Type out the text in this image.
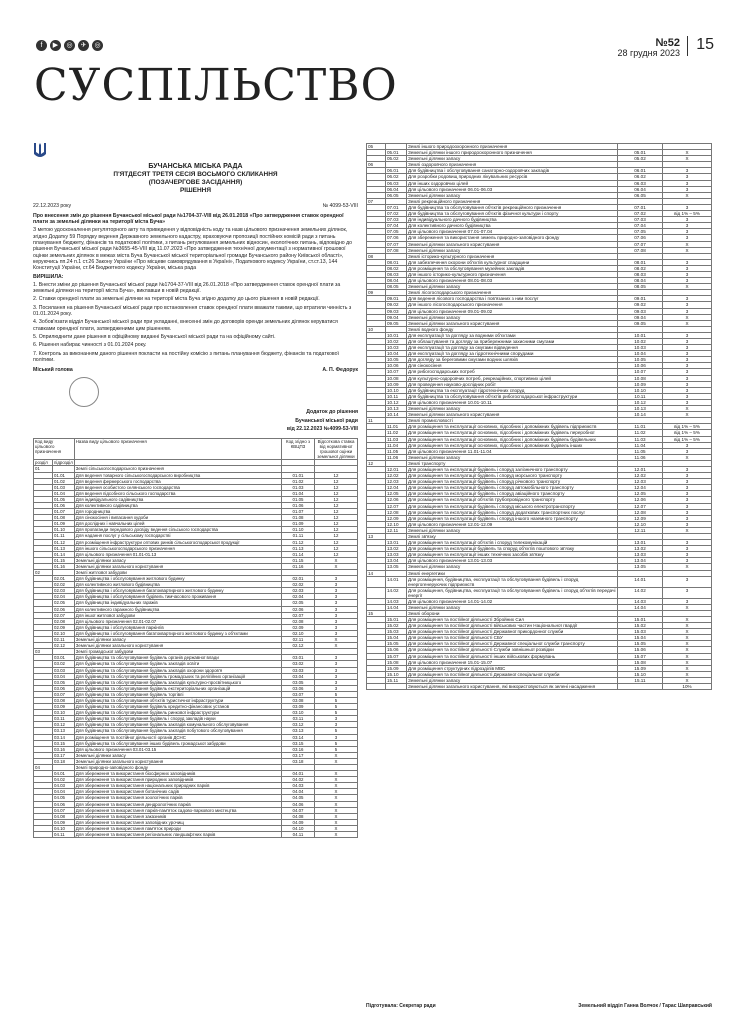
f	▶	◎	✈	◎	№52
28 грудня 2023	15
СУСПІЛЬСТВО
БУЧАНСЬКА МІСЬКА РАДА
П'ЯТДЕСЯТ ТРЕТЯ СЕСІЯ ВОСЬМОГО СКЛИКАННЯ
(ПОЗАЧЕРГОВЕ ЗАСІДАННЯ)
РІШЕННЯ
22.12.2023 року	№ 4099-53-VIII

Про внесення змін до рішення Бучанської міської ради №1704-37-VIII від 26.01.2018 «Про затвердження ставок орендної плати за земельні ділянки на території міста Буча»

З метою удосконалення регуляторного акту та приведення у відповідність коду та назв цільового призначення земельних ділянок, згідно Додатку 59 Порядку ведення Державного земельного кадастру, враховуючи пропозиції постійних комісій ради з питань планування бюджету, фінансів та податкової політики, з питань регулювання земельних відносин, екологічних питань, відповідно до рішення Бучанської міської ради №3655-45-VIII від 11.07.2023 «Про затвердження технічної документації з нормативної грошової оцінки земельних ділянок в межах міста Буча Бучанської міської територіальної громади Бучанського району Київської області», керуючись пп.24 п.1 ст.26 Закону України «Про місцеве самоврядування в Україні», Податкового кодексу України, ст.ст.13, 144 Конституції України, ст.64 Бюджетного кодексу України, міська рада

ВИРІШИЛА:

1. Внести зміни до рішення Бучанської міської ради №1704-37-VIII від 26.01.2018 «Про затвердження ставок орендної плати за земельні ділянки на території міста Буча», виклавши в новій редакції.

2. Ставки орендної плати за земельні ділянки на території міста Буча згідно додатку до цього рішення в новій редакції.

3. Посилання на рішення Бучанської міської ради про встановлення ставок орендної плати вважати такими, що втратили чинність з 01.01.2024 року.

4. Зобов'язати відділ Бучанської міської ради при укладанні, внесенні змін до договорів оренди земельних ділянок керуватися ставками орендної плати, затвердженими цим рішенням.

5. Оприлюднити дане рішення в офіційному виданні Бучанської міської ради та на офіційному сайті.

6. Рішення набирає чинності з 01.01.2024 року.

7. Контроль за виконанням даного рішення покласти на постійну комісію з питань планування бюджету, фінансів та податкової політики.

Міський голова	А. П. Федорук
Додаток до рішення
Бучанської міської ради
від 22.12.2023 №4099-53-VIII
Код виду цільового призначення		Назва виду цільового призначення	Код згідно з КВЦПЗ	Відсоткова ставка від нормативної грошової оцінки земельної ділянки
розділ	підрозділ			
01		Землі сільськогосподарського призначення		
	01.01	Для ведення товарного сільськогосподарського виробництва	01.01	12
	01.02	Для ведення фермерського господарства	01.02	12
	01.03	Для ведення особистого селянського господарства	01.03	12
	01.04	Для ведення підсобного сільського господарства	01.04	12
	01.05	Для індивідуального садівництва	01.05	12
	01.06	Для колективного садівництва	01.06	12
	01.07	Для городництва	01.07	12
	01.08	Для сінокосіння і випасання худоби	01.08	12
	01.09	Для дослідних і навчальних цілей	01.09	12
	01.10	Для пропаганди передового досвіду ведення сільського господарства	01.10	12
	01.11	Для надання послуг у сільському господарстві	01.11	12
	01.12	Для розміщення інфраструктури оптових ринків сільськогосподарської продукції	01.12	12
	01.13	Для іншого сільськогосподарського призначення	01.13	12
	01.14	Для цільового призначення 01.01-01.13	01.14	12
	01.15	Земельні ділянки запасу	01.15	Х
	01.16	Земельні ділянки загального користування	01.16	Х
02		Землі житлової забудови		
	02.01	Для будівництва і обслуговування житлового будинку	02.01	3
	02.02	Для колективного житлового будівництва	02.02	3
	02.03	Для будівництва і обслуговування багатоквартирного житлового будинку	02.03	3
	02.04	Для будівництва і обслуговування будівель тимчасового проживання	02.04	3
	02.05	Для будівництва індивідуальних гаражів	02.05	3
	02.06	Для колективного гаражного будівництва	02.06	3
	02.07	Для іншої житлової забудови	02.07	3
	02.08	Для цільового призначення 02.01-02.07	02.08	3
	02.09	Для будівництва і обслуговування паркінгів	02.09	3
	02.10	Для будівництва і обслуговування багатоквартирного житлового будинку з об'єктами	02.10	3
	02.11	Земельні ділянки запасу	02.11	Х
	02.12	Земельні ділянки загального користування	02.12	Х
03		Землі громадської забудови		
	03.01	Для будівництва та обслуговування будівель органів державної влади	03.01	3
	03.02	Для будівництва та обслуговування будівель закладів освіти	03.02	3
	03.03	Для будівництва та обслуговування будівель закладів охорони здоров'я	03.03	3
	03.04	Для будівництва та обслуговування будівель громадських та релігійних організацій	03.04	3
	03.05	Для будівництва та обслуговування будівель закладів культурно-просвітницького	03.05	3
	03.06	Для будівництва та обслуговування будівель екстериторіальних організацій	03.06	3
	03.07	Для будівництва та обслуговування будівель торгівлі	03.07	5
	03.08	Для будівництва та обслуговування об'єктів туристичної інфраструктури	03.08	5
	03.09	Для будівництва та обслуговування будівель кредитно-фінансових установ	03.09	5
	03.10	Для будівництва та обслуговування будівель ринкової інфраструктури	03.10	5
	03.11	Для будівництва та обслуговування будівель і споруд закладів науки	03.11	3
	03.12	Для будівництва та обслуговування будівель закладів комунального обслуговування	03.12	3
	03.13	Для будівництва та обслуговування будівель закладів побутового обслуговування	03.13	5
	03.14	Для розміщення та постійної діяльності органів ДСНС	03.14	3
	03.15	Для будівництва та обслуговування інших будівель громадської забудови	03.15	5
	03.16	Для цільового призначення 03.01-03.15	03.16	5
	03.17	Земельні ділянки запасу	03.17	Х
	03.18	Земельні ділянки загального користування	03.18	Х
04		Землі природно-заповідного фонду		
	04.01	Для збереження та використання біосферних заповідників	04.01	Х
	04.02	Для збереження та використання природних заповідників	04.02	Х
	04.03	Для збереження та використання національних природних парків	04.03	Х
	04.04	Для збереження та використання ботанічних садів	04.04	Х
	04.05	Для збереження та використання зоологічних парків	04.05	Х
	04.06	Для збереження та використання дендрологічних парків	04.06	Х
	04.07	Для збереження та використання парків-пам'яток садово-паркового мистецтва	04.07	Х
	04.08	Для збереження та використання заказників	04.08	Х
	04.09	Для збереження та використання заповідних урочищ	04.09	Х
	04.10	Для збереження та використання пам'яток природи	04.10	Х
	04.11	Для збереження та використання регіональних ландшафтних парків	04.11	Х
05		Землі іншого природоохоронного призначення		
	05.01	Земельні ділянки іншого природоохоронного призначення	05.01	Х
	05.02	Земельні ділянки запасу	05.02	Х
06		Землі оздоровчого призначення		
	06.01	Для будівництва і обслуговування санаторно-оздоровчих закладів	06.01	3
	06.02	Для розробки родовищ природних лікувальних ресурсів	06.02	3
	06.03	Для інших оздоровчих цілей	06.03	3
	06.04	Для цільового призначення 06.01-06.03	06.04	3
	06.05	Земельні ділянки запасу	06.05	Х
07		Землі рекреаційного призначення		
	07.01	Для будівництва та обслуговування об'єктів рекреаційного призначення	07.01	3
	07.02	Для будівництва та обслуговування об'єктів фізичної культури і спорту	07.02	від 1% – 5%
	07.03	Для індивідуального дачного будівництва	07.03	3
	07.04	Для колективного дачного будівництва	07.04	3
	07.05	Для цільового призначення 07.01-07.04	07.05	3
	07.06	Для збереження та використання земель природно-заповідного фонду	07.06	3
	07.07	Земельні ділянки загального користування	07.07	Х
	07.08	Земельні ділянки запасу	07.08	Х
08		Землі історико-культурного призначення		
	08.01	Для забезпечення охорони об'єктів культурної спадщини	08.01	3
	08.02	Для розміщення та обслуговування музейних закладів	08.02	3
	08.03	Для іншого історико-культурного призначення	08.03	3
	08.04	Для цільового призначення 08.01-08.03	08.04	3
	08.05	Земельні ділянки запасу	08.05	Х
09		Землі лісогосподарського призначення		
	09.01	Для ведення лісового господарства і пов'язаних з ним послуг	09.01	3
	09.02	Для іншого лісогосподарського призначення	09.02	3
	09.03	Для цільового призначення 09.01-09.02	09.03	3
	09.04	Земельні ділянки запасу	09.04	Х
	09.05	Земельні ділянки загального користування	09.05	Х
10		Землі водного фонду		
	10.01	Для експлуатації та догляду за водними об'єктами	10.01	3
	10.02	Для облаштування та догляду за прибережними захисними смугами	10.02	3
	10.03	Для експлуатації та догляду за смугами відведення	10.03	3
	10.04	Для експлуатації та догляду за гідротехнічними спорудами	10.04	3
	10.05	Для догляду за береговими смугами водних шляхів	10.05	3
	10.06	Для сінокосіння	10.06	3
	10.07	Для рибогосподарських потреб	10.07	3
	10.08	Для культурно-оздоровчих потреб, рекреаційних, спортивних цілей	10.08	3
	10.09	Для проведення науково-дослідних робіт	10.09	3
	10.10	Для будівництва та експлуатації гідротехнічних споруд	10.10	3
	10.11	Для будівництва та обслуговування об'єктів рибогосподарської інфраструктури	10.11	3
	10.12	Для цільового призначення 10.01-10.11	10.12	3
	10.13	Земельні ділянки запасу	10.13	Х
	10.14	Земельні ділянки загального користування	10.14	Х
11		Землі промисловості		
	11.01	Для розміщення та експлуатації основних, підсобних і допоміжних будівель підприємств	11.01	від 1% – 5%
	11.02	Для розміщення та експлуатації основних, підсобних і допоміжних будівель переробної	11.02	від 1% – 5%
	11.03	Для розміщення та експлуатації основних, підсобних і допоміжних будівель будівельних	11.03	від 1% – 5%
	11.04	Для розміщення та експлуатації основних, підсобних і допоміжних будівель інших	11.04	3
	11.05	Для цільового призначення 11.01-11.04	11.05	3
	11.06	Земельні ділянки запасу	11.06	Х
12		Землі транспорту		
	12.01	Для розміщення та експлуатації будівель і споруд залізничного транспорту	12.01	3
	12.02	Для розміщення та експлуатації будівель і споруд морського транспорту	12.02	3
	12.03	Для розміщення та експлуатації будівель і споруд річкового транспорту	12.03	3
	12.04	Для розміщення та експлуатації будівель і споруд автомобільного транспорту	12.04	3
	12.05	Для розміщення та експлуатації будівель і споруд авіаційного транспорту	12.05	3
	12.06	Для розміщення та експлуатації об'єктів трубопровідного транспорту	12.06	3
	12.07	Для розміщення та експлуатації будівель і споруд міського електротранспорту	12.07	3
	12.08	Для розміщення та експлуатації будівель і споруд додаткових транспортних послуг	12.08	3
	12.09	Для розміщення та експлуатації будівель і споруд іншого наземного транспорту	12.09	3
	12.10	Для цільового призначення 12.01-12.09	12.10	3
	12.11	Земельні ділянки запасу	12.11	Х
13		Землі зв'язку		
	13.01	Для розміщення та експлуатації об'єктів і споруд телекомунікацій	13.01	3
	13.02	Для розміщення та експлуатації будівель та споруд об'єктів поштового зв'язку	13.02	3
	13.03	Для розміщення та експлуатації інших технічних засобів зв'язку	13.03	3
	13.04	Для цільового призначення 13.01-13.03	13.04	3
	13.05	Земельні ділянки запасу	13.05	Х
14		Землі енергетики		
	14.01	Для розміщення, будівництва, експлуатації та обслуговування будівель і споруд енергогенеруючих підприємств	14.01	3
	14.02	Для розміщення, будівництва, експлуатації та обслуговування будівель і споруд об'єктів передачі енергії	14.02	3
	14.03	Для цільового призначення 14.01-14.02	14.03	3
	14.04	Земельні ділянки запасу	14.04	Х
15		Землі оборони		
	15.01	Для розміщення та постійної діяльності Збройних Сил	15.01	Х
	15.02	Для розміщення та постійної діяльності військових частин Національної гвардії	15.02	Х
	15.03	Для розміщення та постійної діяльності Державної прикордонної служби	15.03	Х
	15.04	Для розміщення та постійної діяльності СБУ	15.04	Х
	15.05	Для розміщення та постійної діяльності Державної спеціальної служби транспорту	15.05	Х
	15.06	Для розміщення та постійної діяльності Служби зовнішньої розвідки	15.06	Х
	15.07	Для розміщення та постійної діяльності інших військових формувань	15.07	Х
	15.08	Для цільового призначення 15.01-15.07	15.08	Х
	15.09	Для розміщення структурних підрозділів МВС	15.09	Х
	15.10	Для розміщення та постійної діяльності Державної спеціальної служби	15.10	Х
	15.11	Земельні ділянки запасу	15.11	Х
		Земельні ділянки загального користування, які використовуються як зелені насадження		10%
Підготувала: Секретар ради	Земельний відділ Ганна Волчок / Тарас Шаправський
